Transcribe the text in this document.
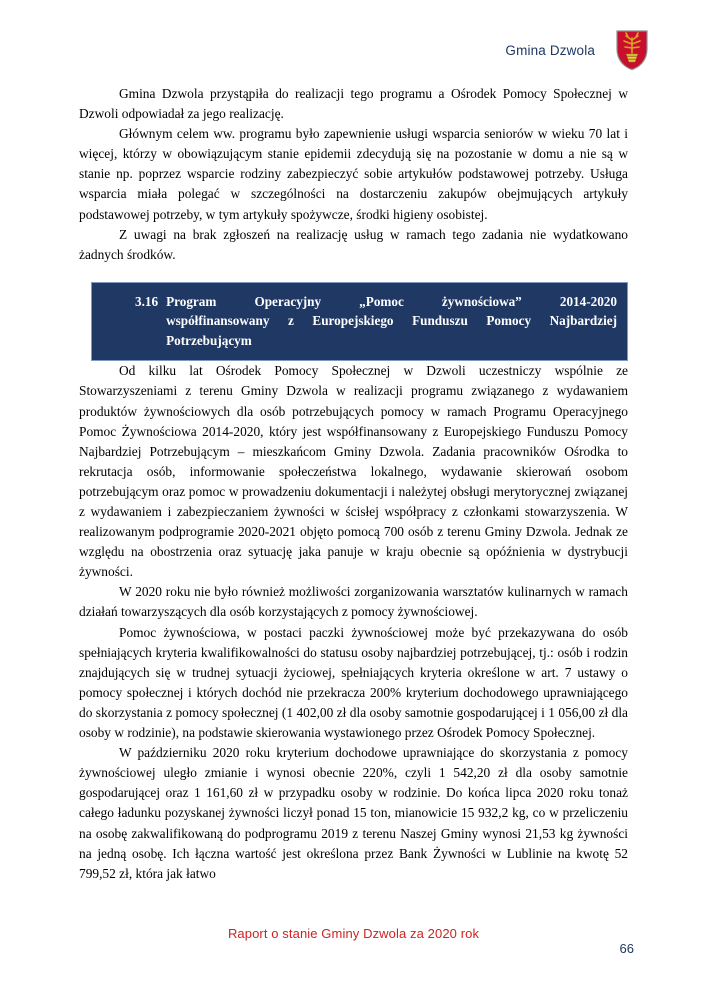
Gmina Dzwola

Gmina Dzwola przystąpiła do realizacji tego programu a Ośrodek Pomocy Społecznej w Dzwoli odpowiadał za jego realizację.

Głównym celem ww. programu było zapewnienie usługi wsparcia seniorów w wieku 70 lat i więcej, którzy w obowiązującym stanie epidemii zdecydują się na pozostanie w domu a nie są w stanie np. poprzez wsparcie rodziny zabezpieczyć sobie artykułów podstawowej potrzeby. Usługa wsparcia miała polegać w szczególności na dostarczeniu zakupów obejmujących artykuły podstawowej potrzeby, w tym artykuły spożywcze, środki higieny osobistej.

Z uwagi na brak zgłoszeń na realizację usług w ramach tego zadania nie wydatkowano żadnych środków.

3.16 Program Operacyjny „Pomoc żywnościowa” 2014-2020
współfinansowany z Europejskiego Funduszu Pomocy Najbardziej
Potrzebującym

Od kilku lat Ośrodek Pomocy Społecznej w Dzwoli uczestniczy wspólnie ze Stowarzyszeniami z terenu Gminy Dzwola w realizacji programu związanego z wydawaniem produktów żywnościowych dla osób potrzebujących pomocy w ramach Programu Operacyjnego Pomoc Żywnościowa 2014-2020, który jest współfinansowany z Europejskiego Funduszu Pomocy Najbardziej Potrzebującym – mieszkańcom Gminy Dzwola. Zadania pracowników Ośrodka to rekrutacja osób, informowanie społeczeństwa lokalnego, wydawanie skierowań osobom potrzebującym oraz pomoc w prowadzeniu dokumentacji i należytej obsługi merytorycznej związanej z wydawaniem i zabezpieczaniem żywności w ścisłej współpracy z członkami stowarzyszenia. W realizowanym podprogramie 2020-2021 objęto pomocą 700 osób z terenu Gminy Dzwola. Jednak ze względu na obostrzenia oraz sytuację jaka panuje w kraju obecnie są opóźnienia w dystrybucji żywności.

W 2020 roku nie było również możliwości zorganizowania warsztatów kulinarnych w ramach działań towarzyszących dla osób korzystających z pomocy żywnościowej.

Pomoc żywnościowa, w postaci paczki żywnościowej może być przekazywana do osób spełniających kryteria kwalifikowalności do statusu osoby najbardziej potrzebującej, tj.: osób i rodzin znajdujących się w trudnej sytuacji życiowej, spełniających kryteria określone w art. 7 ustawy o pomocy społecznej i których dochód nie przekracza 200% kryterium dochodowego uprawniającego do skorzystania z pomocy społecznej (1 402,00 zł dla osoby samotnie gospodarującej i 1 056,00 zł dla osoby w rodzinie), na podstawie skierowania wystawionego przez Ośrodek Pomocy Społecznej.

W październiku 2020 roku kryterium dochodowe uprawniające do skorzystania z pomocy żywnościowej uległo zmianie i wynosi obecnie 220%, czyli 1 542,20 zł dla osoby samotnie gospodarującej oraz 1 161,60 zł w przypadku osoby w rodzinie. Do końca lipca 2020 roku tonaż całego ładunku pozyskanej żywności liczył ponad 15 ton, mianowicie 15 932,2 kg, co w przeliczeniu na osobę zakwalifikowaną do podprogramu 2019 z terenu Naszej Gminy wynosi 21,53 kg żywności na jedną osobę. Ich łączna wartość jest określona przez Bank Żywności w Lublinie na kwotę 52 799,52 zł, która jak łatwo

Raport o stanie Gminy Dzwola za 2020 rok
66
